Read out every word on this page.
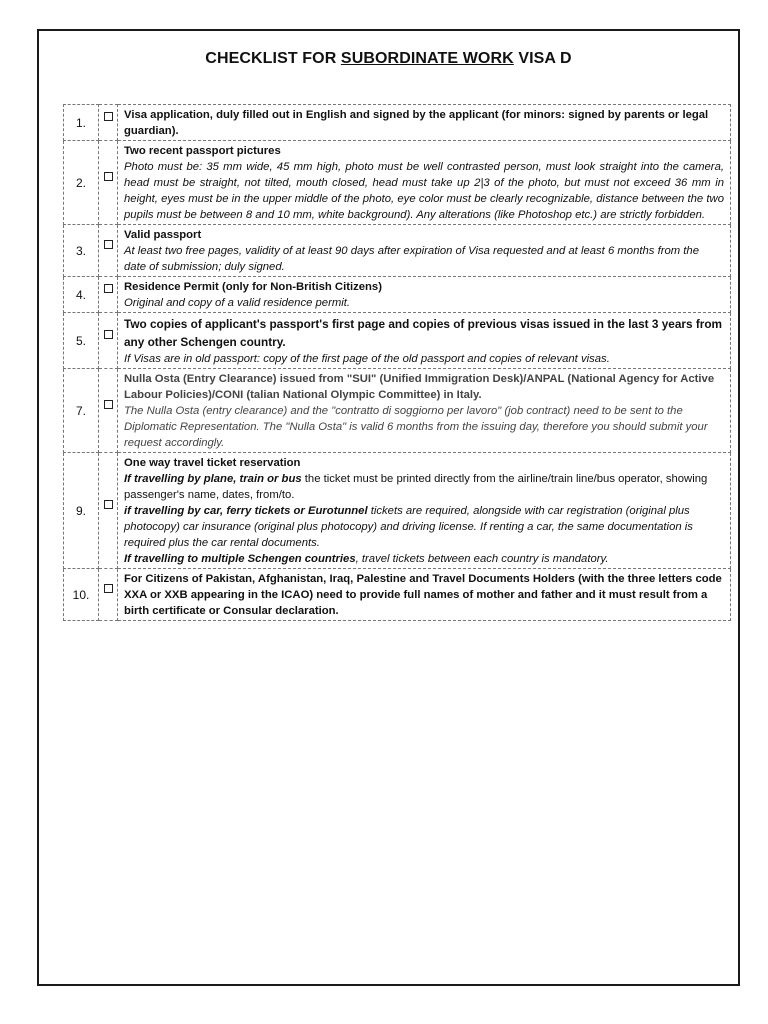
CHECKLIST FOR SUBORDINATE WORK VISA D
1.		Visa application, duly filled out in English and signed by the applicant (for minors: signed by parents or legal guardian).

2.		Two recent passport pictures
Photo must be: 35 mm wide, 45 mm high, photo must be well contrasted person, must look straight into the camera, head must be straight, not tilted, mouth closed, head must take up 2|3 of the photo, but must not exceed 36 mm in height, eyes must be in the upper middle of the photo, eye color must be clearly recognizable, distance between the two pupils must be between 8 and 10 mm, white background). Any alterations (like Photoshop etc.) are strictly forbidden.

3.		Valid passport
At least two free pages, validity of at least 90 days after expiration of Visa requested and at least 6 months from the date of submission; duly signed.

4.		Residence Permit (only for Non-British Citizens)
Original and copy of a valid residence permit.

5.		Two copies of applicant's passport's first page and copies of previous visas issued in the last 3 years from any other Schengen country.
If Visas are in old passport: copy of the first page of the old passport and copies of relevant visas.

7.		Nulla Osta (Entry Clearance) issued from "SUI" (Unified Immigration Desk)/ANPAL (National Agency for Active Labour Policies)/CONI (talian National Olympic Committee) in Italy.
The Nulla Osta (entry clearance) and the "contratto di soggiorno per lavoro" (job contract) need to be sent to the Diplomatic Representation. The "Nulla Osta" is valid 6 months from the issuing day, therefore you should submit your request accordingly.

9.		One way travel ticket reservation
If travelling by plane, train or bus the ticket must be printed directly from the airline/train line/bus operator, showing passenger's name, dates, from/to.
if travelling by car, ferry tickets or Eurotunnel tickets are required, alongside with car registration (original plus photocopy) car insurance (original plus photocopy) and driving license. If renting a car, the same documentation is required plus the car rental documents.
If travelling to multiple Schengen countries, travel tickets between each country is mandatory.

10.		For Citizens of Pakistan, Afghanistan, Iraq, Palestine and Travel Documents Holders (with the three letters code XXA or XXB appearing in the ICAO) need to provide full names of mother and father and it must result from a birth certificate or Consular declaration.
